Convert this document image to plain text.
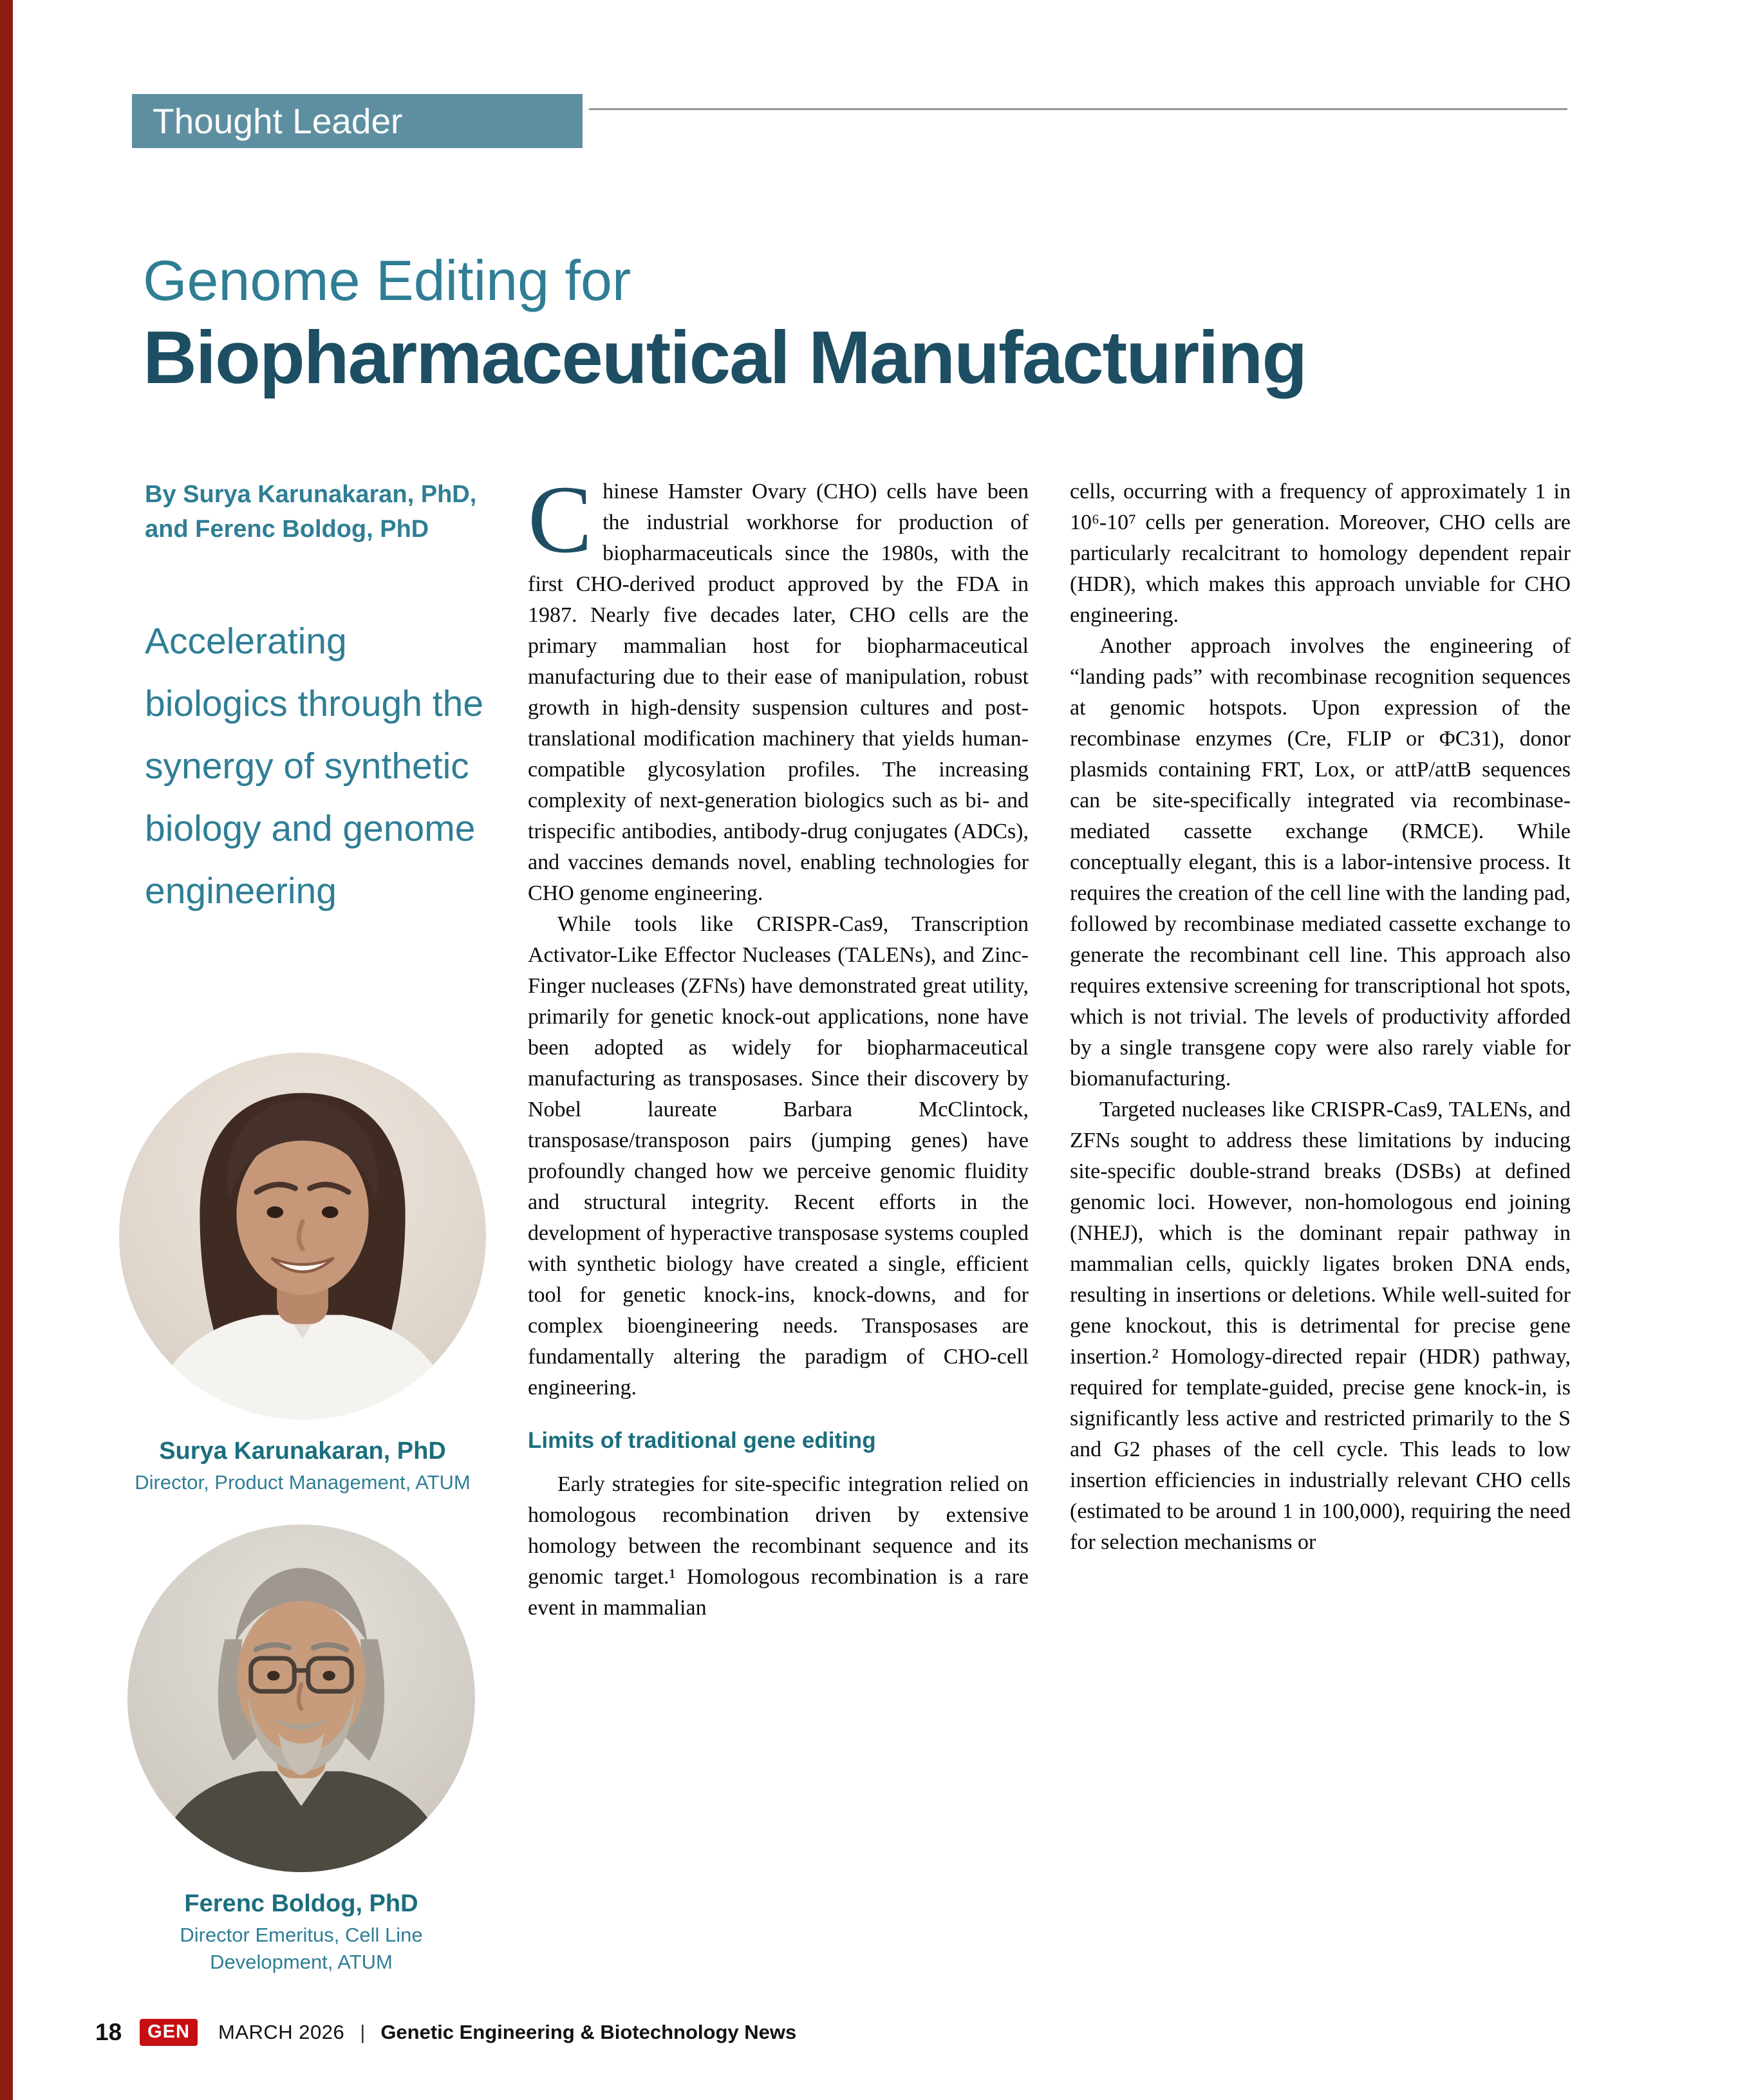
Thought Leader
Genome Editing for
Biopharmaceutical Manufacturing
By Surya Karunakaran, PhD,
and Ferenc Boldog, PhD
Accelerating biologics through the synergy of synthetic biology and genome engineering
Surya Karunakaran, PhD
Director, Product Management, ATUM
Ferenc Boldog, PhD
Director Emeritus, Cell Line Development, ATUM

Chinese Hamster Ovary (CHO) cells have been the industrial workhorse for production of biopharmaceuticals since the 1980s, with the first CHO-derived product approved by the FDA in 1987. Nearly five decades later, CHO cells are the primary mammalian host for biopharmaceutical manufacturing due to their ease of manipulation, robust growth in high-density suspension cultures and post-translational modification machinery that yields human-compatible glycosylation profiles. The increasing complexity of next-generation biologics such as bi- and trispecific antibodies, antibody-drug conjugates (ADCs), and vaccines demands novel, enabling technologies for CHO genome engineering.

While tools like CRISPR-Cas9, Transcription Activator-Like Effector Nucleases (TALENs), and Zinc-Finger nucleases (ZFNs) have demonstrated great utility, primarily for genetic knock-out applications, none have been adopted as widely for biopharmaceutical manufacturing as transposases. Since their discovery by Nobel laureate Barbara McClintock, transposase/transposon pairs (jumping genes) have profoundly changed how we perceive genomic fluidity and structural integrity. Recent efforts in the development of hyperactive transposase systems coupled with synthetic biology have created a single, efficient tool for genetic knock-ins, knock-downs, and for complex bioengineering needs. Transposases are fundamentally altering the paradigm of CHO-cell engineering.

Limits of traditional gene editing

Early strategies for site-specific integration relied on homologous recombination driven by extensive homology between the recombinant sequence and its genomic target.¹ Homologous recombination is a rare event in mammalian

cells, occurring with a frequency of approximately 1 in 10⁶-10⁷ cells per generation. Moreover, CHO cells are particularly recalcitrant to homology dependent repair (HDR), which makes this approach unviable for CHO engineering.

Another approach involves the engineering of “landing pads” with recombinase recognition sequences at genomic hotspots. Upon expression of the recombinase enzymes (Cre, FLIP or ΦC31), donor plasmids containing FRT, Lox, or attP/attB sequences can be site-specifically integrated via recombinase-mediated cassette exchange (RMCE). While conceptually elegant, this is a labor-intensive process. It requires the creation of the cell line with the landing pad, followed by recombinase mediated cassette exchange to generate the recombinant cell line. This approach also requires extensive screening for transcriptional hot spots, which is not trivial. The levels of productivity afforded by a single transgene copy were also rarely viable for biomanufacturing.

Targeted nucleases like CRISPR-Cas9, TALENs, and ZFNs sought to address these limitations by inducing site-specific double-strand breaks (DSBs) at defined genomic loci. However, non-homologous end joining (NHEJ), which is the dominant repair pathway in mammalian cells, quickly ligates broken DNA ends, resulting in insertions or deletions. While well-suited for gene knockout, this is detrimental for precise gene insertion.² Homology-directed repair (HDR) pathway, required for template-guided, precise gene knock-in, is significantly less active and restricted primarily to the S and G2 phases of the cell cycle. This leads to low insertion efficiencies in industrially relevant CHO cells (estimated to be around 1 in 100,000), requiring the need for selection mechanisms or

18	GEN	MARCH 2026 | Genetic Engineering & Biotechnology News
